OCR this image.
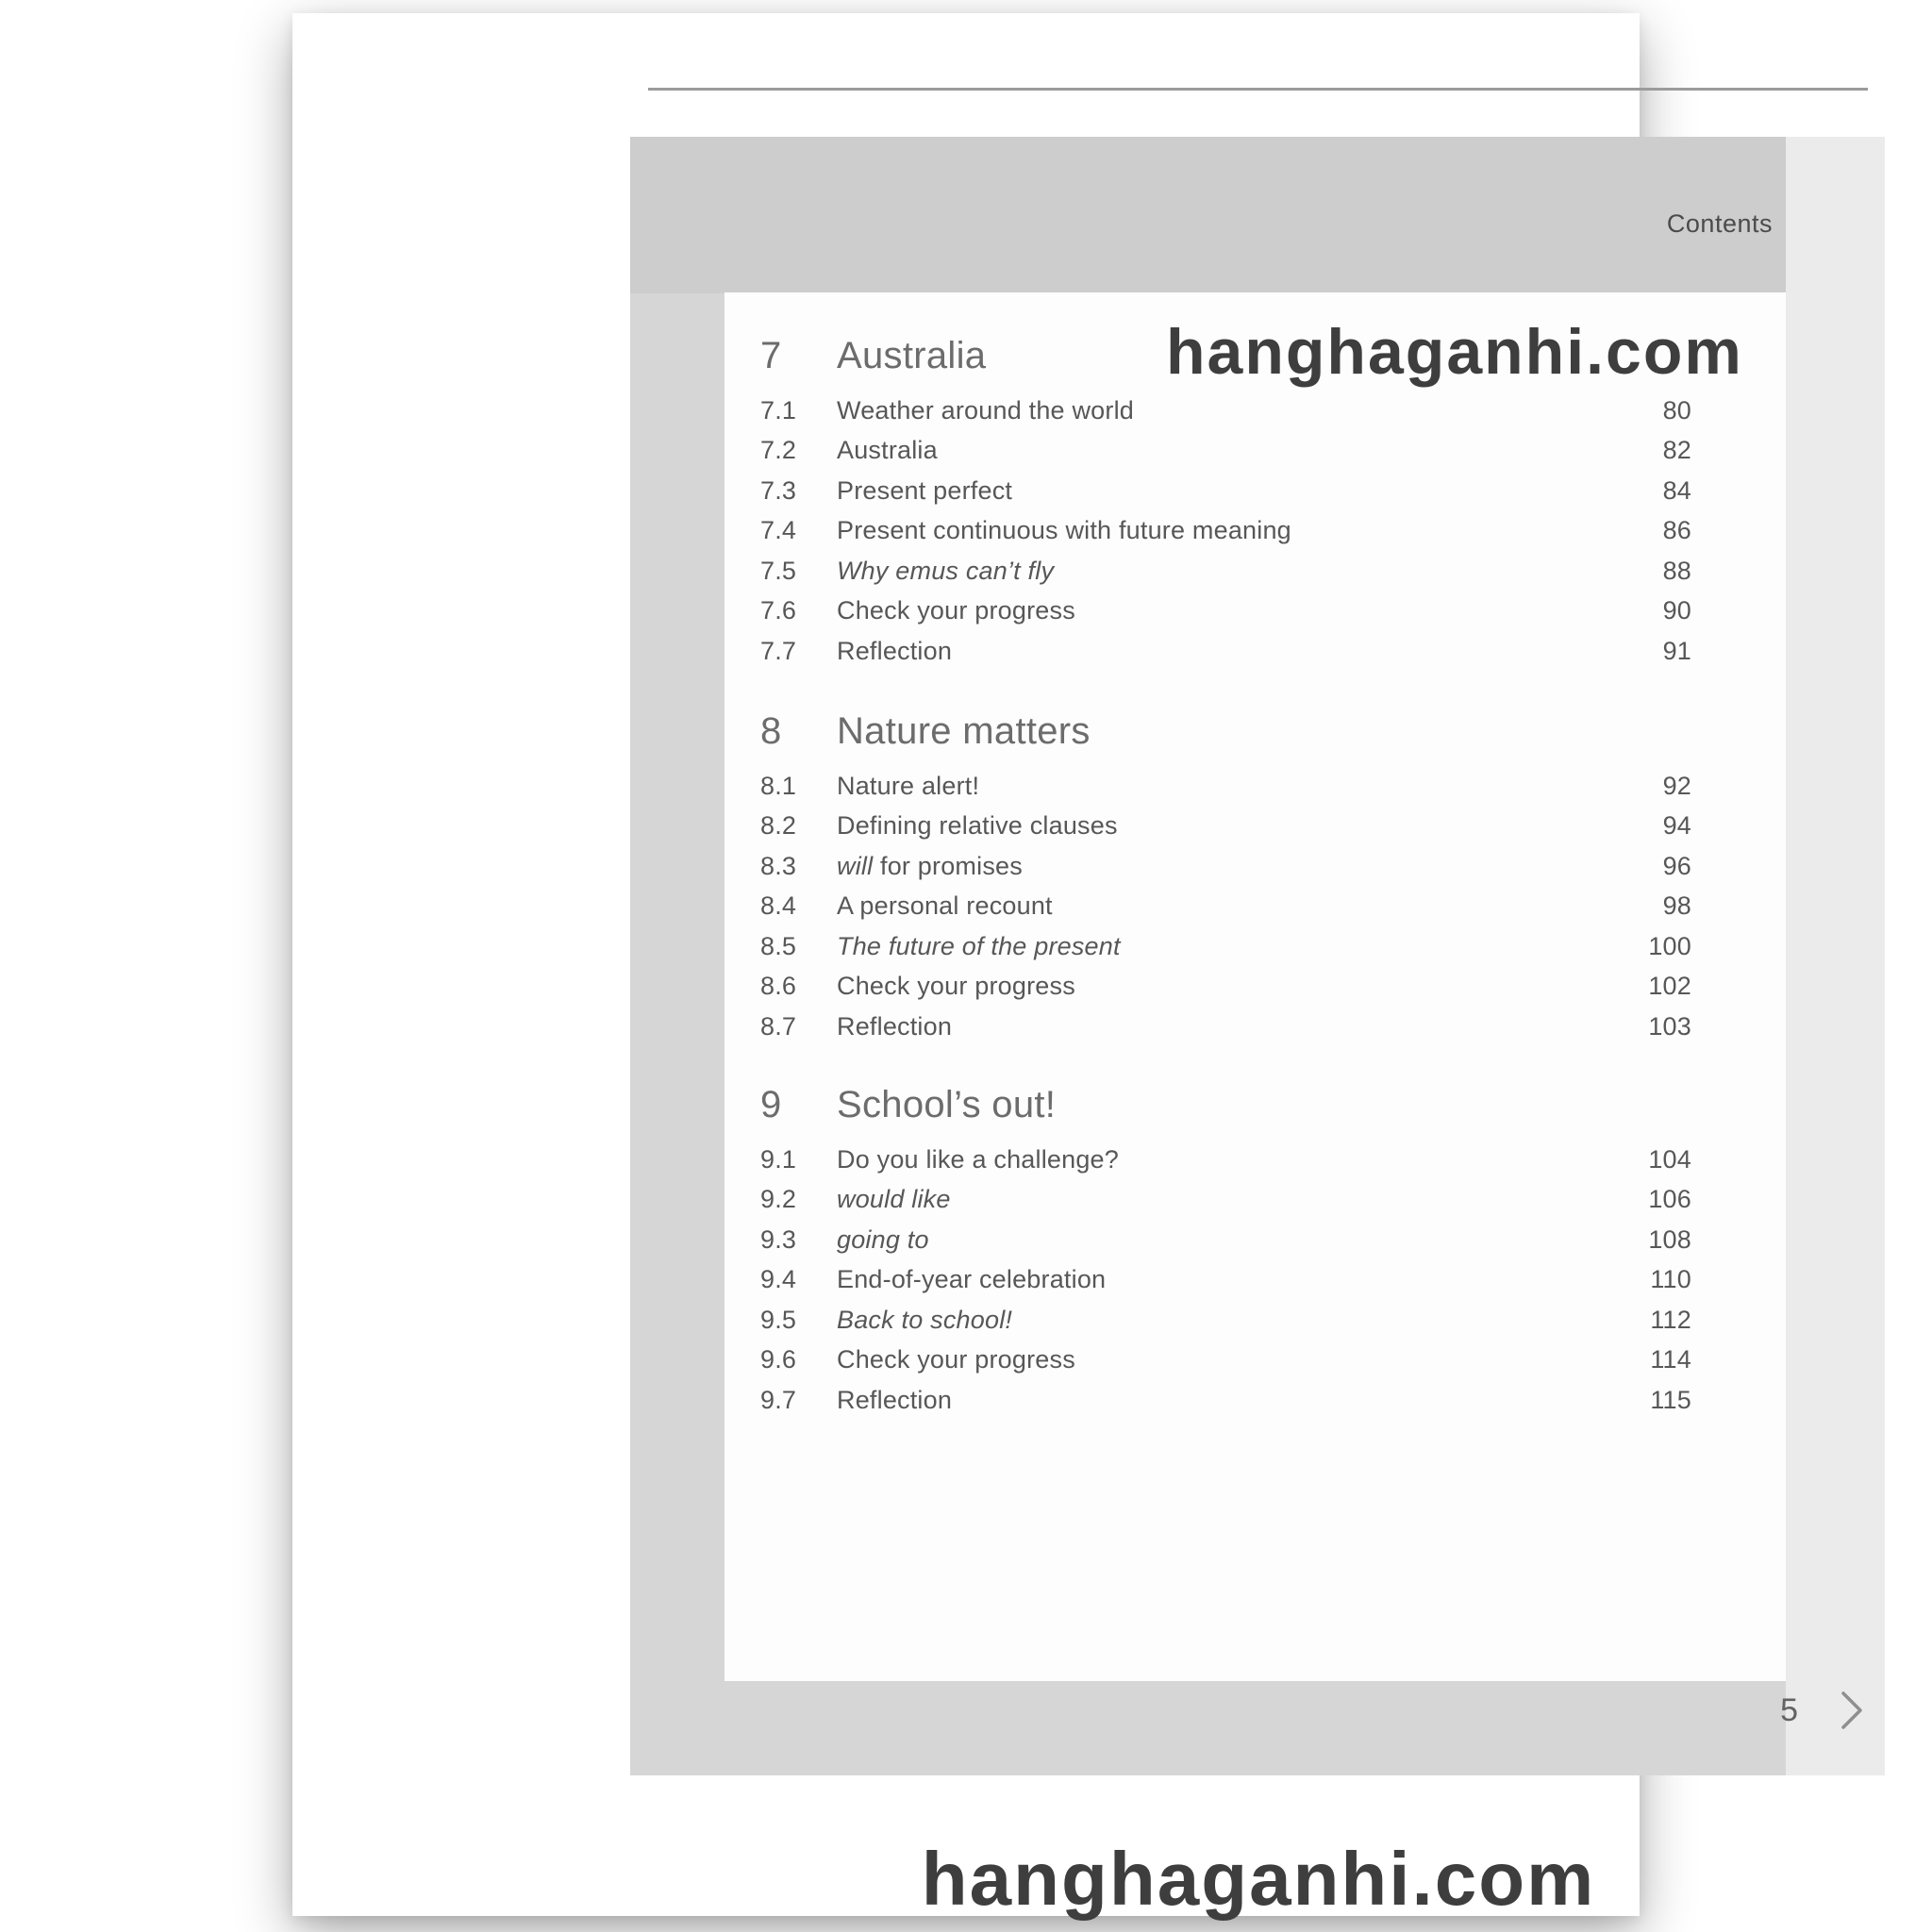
Contents
7	Australia
7.1	Weather around the world	80
7.2	Australia	82
7.3	Present perfect	84
7.4	Present continuous with future meaning	86
7.5	Why emus can’t fly	88
7.6	Check your progress	90
7.7	Reflection	91
8	Nature matters
8.1	Nature alert!	92
8.2	Defining relative clauses	94
8.3	will for promises	96
8.4	A personal recount	98
8.5	The future of the present	100
8.6	Check your progress	102
8.7	Reflection	103
9	School’s out!
9.1	Do you like a challenge?	104
9.2	would like	106
9.3	going to	108
9.4	End-of-year celebration	110
9.5	Back to school!	112
9.6	Check your progress	114
9.7	Reflection	115
5
hanghaganhi.com
hanghaganhi.com
